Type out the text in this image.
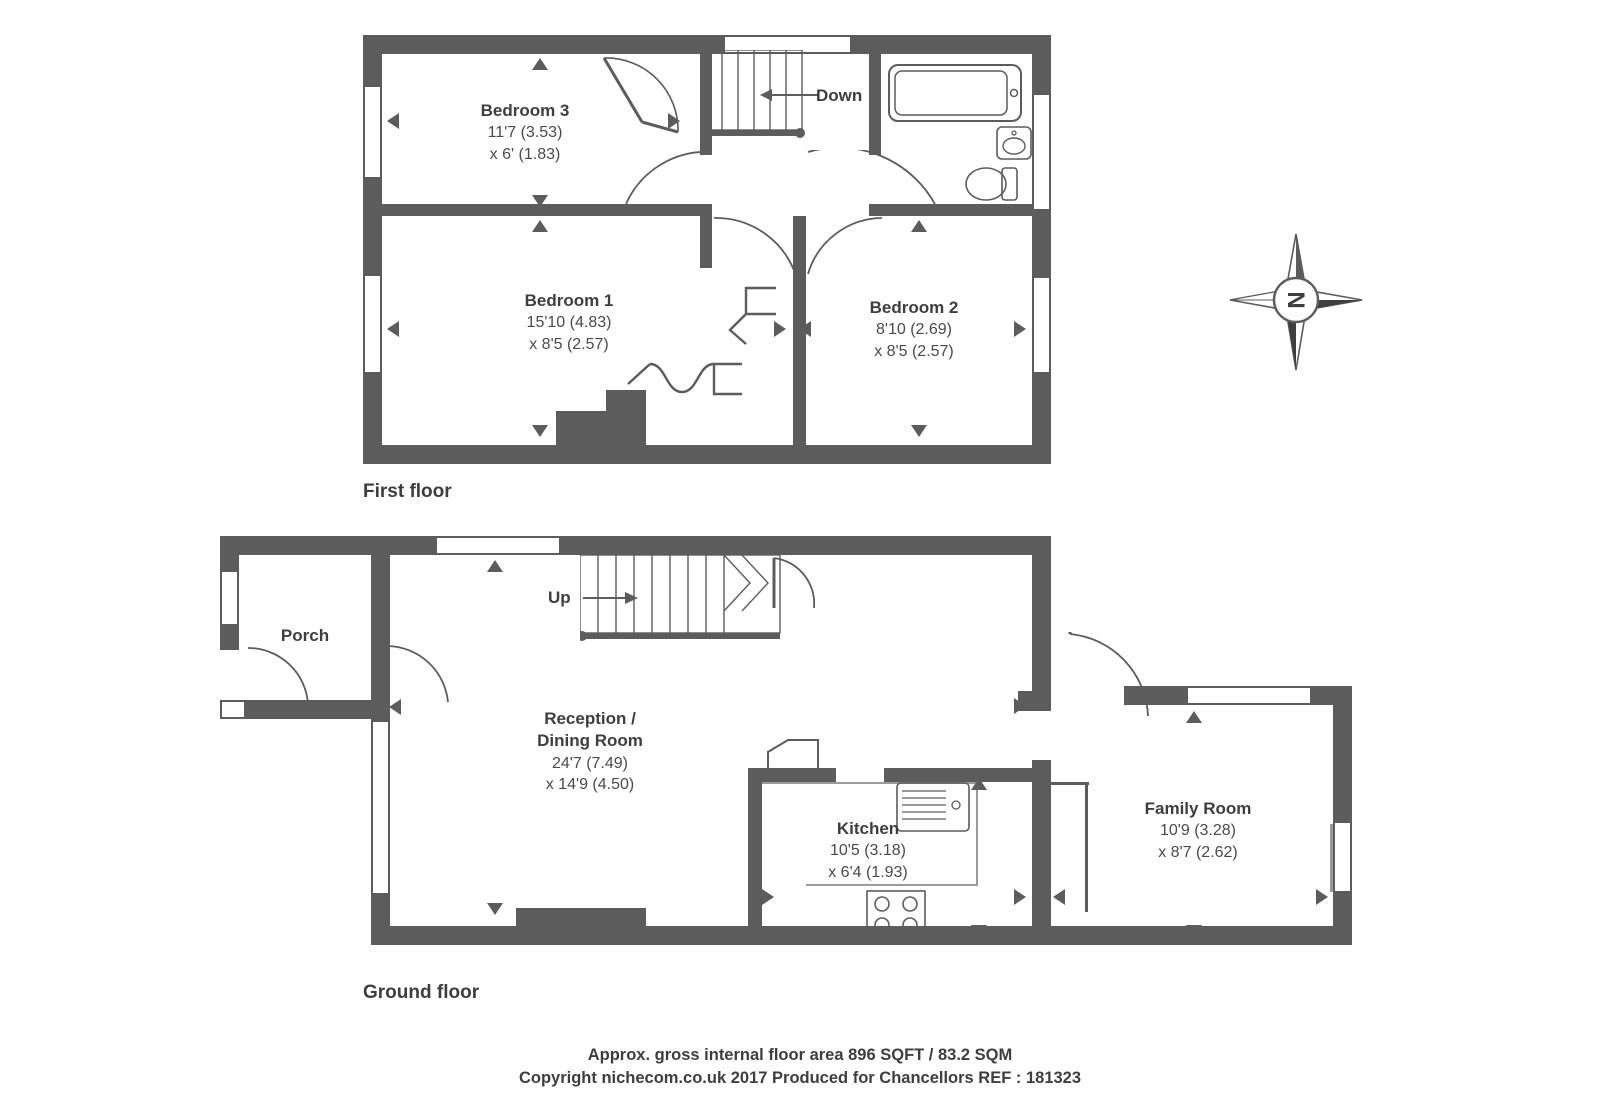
Down
Bedroom 3
11'7 (3.53)
x 6' (1.83)
Bedroom 1
15'10 (4.83)
x 8'5 (2.57)
Bedroom 2
8'10 (2.69)
x 8'5 (2.57)
First floor
N
Up
Porch
Reception /
Dining Room
24'7 (7.49)
x 14'9 (4.50)
Kitchen
10'5 (3.18)
x 6'4 (1.93)
Family Room
10'9 (3.28)
x 8'7 (2.62)
Ground floor
Approx. gross internal floor area 896 SQFT / 83.2 SQM
Copyright nichecom.co.uk 2017 Produced for Chancellors REF : 181323
